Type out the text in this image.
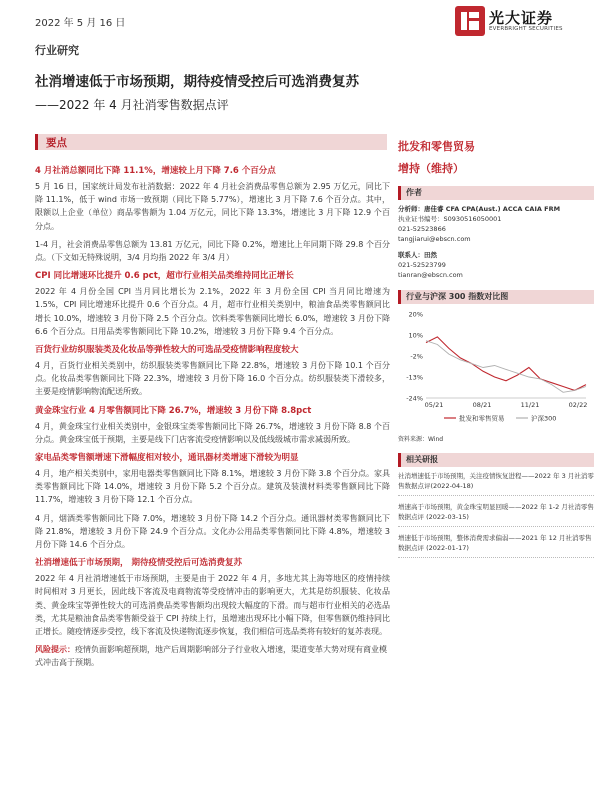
2022 年 5 月 16 日	光大证券
EVERBRIGHT SECURITIES
行业研究
社消增速低于市场预期，期待疫情受控后可选消费复苏
——2022 年 4 月社消零售数据点评
要点
4 月社消总额同比下降 11.1%，增速较上月下降 7.6 个百分点
5 月 16 日，国家统计局发布社消数据：2022 年 4 月社会消费品零售总额为 2.95 万亿元，同比下降 11.1%，低于 wind 市场一致预期（同比下降 5.77%），增速比 3 月下降 7.6 个百分点。其中，限额以上企业（单位）商品零售额为 1.04 万亿元，同比下降 13.3%，增速比 3 月下降 12.9 个百分点。
1-4 月，社会消费品零售总额为 13.81 万亿元，同比下降 0.2%，增速比上年同期下降 29.8 个百分点。（下文如无特殊说明，3/4 月均指 2022 年 3/4 月）
CPI 同比增速环比提升 0.6 pct，超市行业相关品类维持同比正增长
2022 年 4 月份全国 CPI 当月同比增长为 2.1%，2022 年 3 月份全国 CPI 当月同比增速为 1.5%，CPI 同比增速环比提升 0.6 个百分点。4 月，超市行业相关类别中，粮油食品类零售额同比增长 10.0%，增速较 3 月份下降 2.5 个百分点。饮料类零售额同比增长 6.0%，增速较 3 月份下降 6.6 个百分点。日用品类零售额同比下降 10.2%，增速较 3 月份下降 9.4 个百分点。
百货行业纺织服装类及化妆品等弹性较大的可选品受疫情影响程度较大
4 月，百货行业相关类别中，纺织服装类零售额同比下降 22.8%，增速较 3 月份下降 10.1 个百分点。化妆品类零售额同比下降 22.3%，增速较 3 月份下降 16.0 个百分点。纺织服装类下滑较多，主要是疫情影响物流配送所致。
黄金珠宝行业 4 月零售额同比下降 26.7%，增速较 3 月份下降 8.8pct
4 月，黄金珠宝行业相关类别中，金银珠宝类零售额同比下降 26.7%，增速较 3 月份下降 8.8 个百分点。黄金珠宝低于预期，主要是线下门店客流受疫情影响以及低线级城市需求减弱所致。
家电品类零售额增速下滑幅度相对较小，通讯器材类增速下滑较为明显
4 月，地产相关类别中，家用电器类零售额同比下降 8.1%，增速较 3 月份下降 3.8 个百分点。家具类零售额同比下降 14.0%，增速较 3 月份下降 5.2 个百分点。建筑及装潢材料类零售额同比下降 11.7%，增速较 3 月份下降 12.1 个百分点。
4 月，烟酒类零售额同比下降 7.0%，增速较 3 月份下降 14.2 个百分点。通讯器材类零售额同比下降 21.8%，增速较 3 月份下降 24.9 个百分点。文化办公用品类零售额同比下降 4.8%，增速较 3 月份下降 14.6 个百分点。
社消增速低于市场预期， 期待疫情受控后可选消费复苏
2022 年 4 月社消增速低于市场预期，主要是由于 2022 年 4 月，多地尤其上海等地区的疫情持续时间相对 3 月更长，因此线下客流及电商物流等受疫情冲击的影响更大，尤其是纺织服装、化妆品类、黄金珠宝等弹性较大的可选消费品类零售额均出现较大幅度的下滑。而与超市行业相关的必选品类，尤其是粮油食品类零售额受益于 CPI 持续上行，虽增速出现环比小幅下降，但零售额仍维持同比正增长。随疫情逐步受控，线下客流及快递物流逐步恢复，我们相信可选品类将有较好的复苏表现。
风险提示：疫情负面影响超预期，地产后周期影响部分子行业收入增速，渠道变革大势对现有商业模式冲击高于预期。
批发和零售贸易
增持（维持）
作者
分析师：唐佳睿 CFA CPA(Aust.) ACCA CAIA FRM
执业证书编号：S0930516050001
021-52523866
tangjiarui@ebscn.com
联系人：田然
021-52523799
tianran@ebscn.com
行业与沪深 300 指数对比图
20%
10%
-2%
-13%
-24%
05/21	08/21	11/21	02/22
批发和零售贸易	沪深300
资料来源：Wind
相关研报
社消增速低于市场预期，关注疫情恢复进程——2022 年 3 月社消零售数据点评(2022-04-18)
增速高于市场预期，黄金珠宝明显回暖——2022 年 1-2 月社消零售数据点评 (2022-03-15)
增速低于市场预期，整体消费需求偏弱——2021 年 12 月社消零售数据点评 (2022-01-17)
